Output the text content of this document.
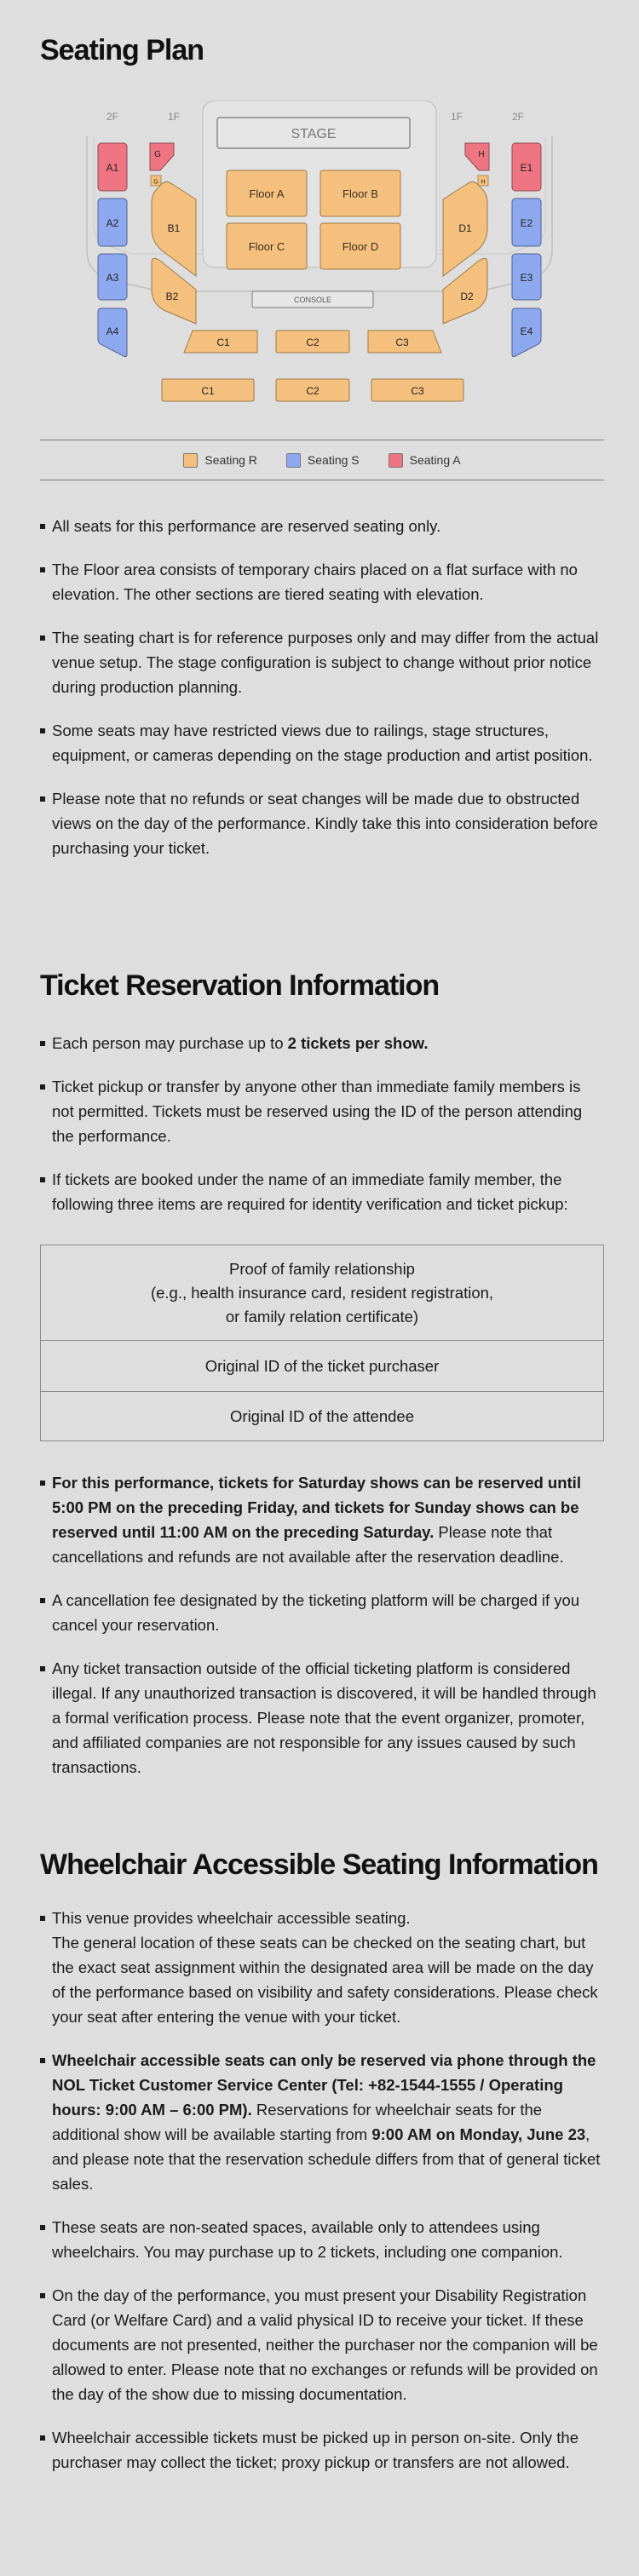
Seating Plan
2F	1F	1F	2F
STAGE
Floor A	Floor B
Floor C	Floor D
CONSOLE
A1
A2
A3
A4
E1
E2
E3
E4
G
G
H
H
B1
B2
D1
D2
C1	C2	C3
C1	C2	C3
Seating R	Seating S	Seating A
All seats for this performance are reserved seating only.
The Floor area consists of temporary chairs placed on a flat surface with no elevation. The other sections are tiered seating with elevation.
The seating chart is for reference purposes only and may differ from the actual venue setup. The stage configuration is subject to change without prior notice during production planning.
Some seats may have restricted views due to railings, stage structures, equipment, or cameras depending on the stage production and artist position.
Please note that no refunds or seat changes will be made due to obstructed views on the day of the performance. Kindly take this into consideration before purchasing your ticket.
Ticket Reservation Information
Each person may purchase up to 2 tickets per show.
Ticket pickup or transfer by anyone other than immediate family members is not permitted. Tickets must be reserved using the ID of the person attending the performance.
If tickets are booked under the name of an immediate family member, the following three items are required for identity verification and ticket pickup:
Proof of family relationship
(e.g., health insurance card, resident registration,
or family relation certificate)
Original ID of the ticket purchaser
Original ID of the attendee
For this performance, tickets for Saturday shows can be reserved until 5:00 PM on the preceding Friday, and tickets for Sunday shows can be reserved until 11:00 AM on the preceding Saturday. Please note that cancellations and refunds are not available after the reservation deadline.
A cancellation fee designated by the ticketing platform will be charged if you cancel your reservation.
Any ticket transaction outside of the official ticketing platform is considered illegal. If any unauthorized transaction is discovered, it will be handled through a formal verification process. Please note that the event organizer, promoter, and affiliated companies are not responsible for any issues caused by such transactions.
Wheelchair Accessible Seating Information
This venue provides wheelchair accessible seating.
The general location of these seats can be checked on the seating chart, but the exact seat assignment within the designated area will be made on the day of the performance based on visibility and safety considerations. Please check your seat after entering the venue with your ticket.
Wheelchair accessible seats can only be reserved via phone through the NOL Ticket Customer Service Center (Tel: +82-1544-1555 / Operating hours: 9:00 AM – 6:00 PM). Reservations for wheelchair seats for the additional show will be available starting from 9:00 AM on Monday, June 23, and please note that the reservation schedule differs from that of general ticket sales.
These seats are non-seated spaces, available only to attendees using wheelchairs. You may purchase up to 2 tickets, including one companion.
On the day of the performance, you must present your Disability Registration Card (or Welfare Card) and a valid physical ID to receive your ticket. If these documents are not presented, neither the purchaser nor the companion will be allowed to enter. Please note that no exchanges or refunds will be provided on the day of the show due to missing documentation.
Wheelchair accessible tickets must be picked up in person on-site. Only the purchaser may collect the ticket; proxy pickup or transfers are not allowed.
